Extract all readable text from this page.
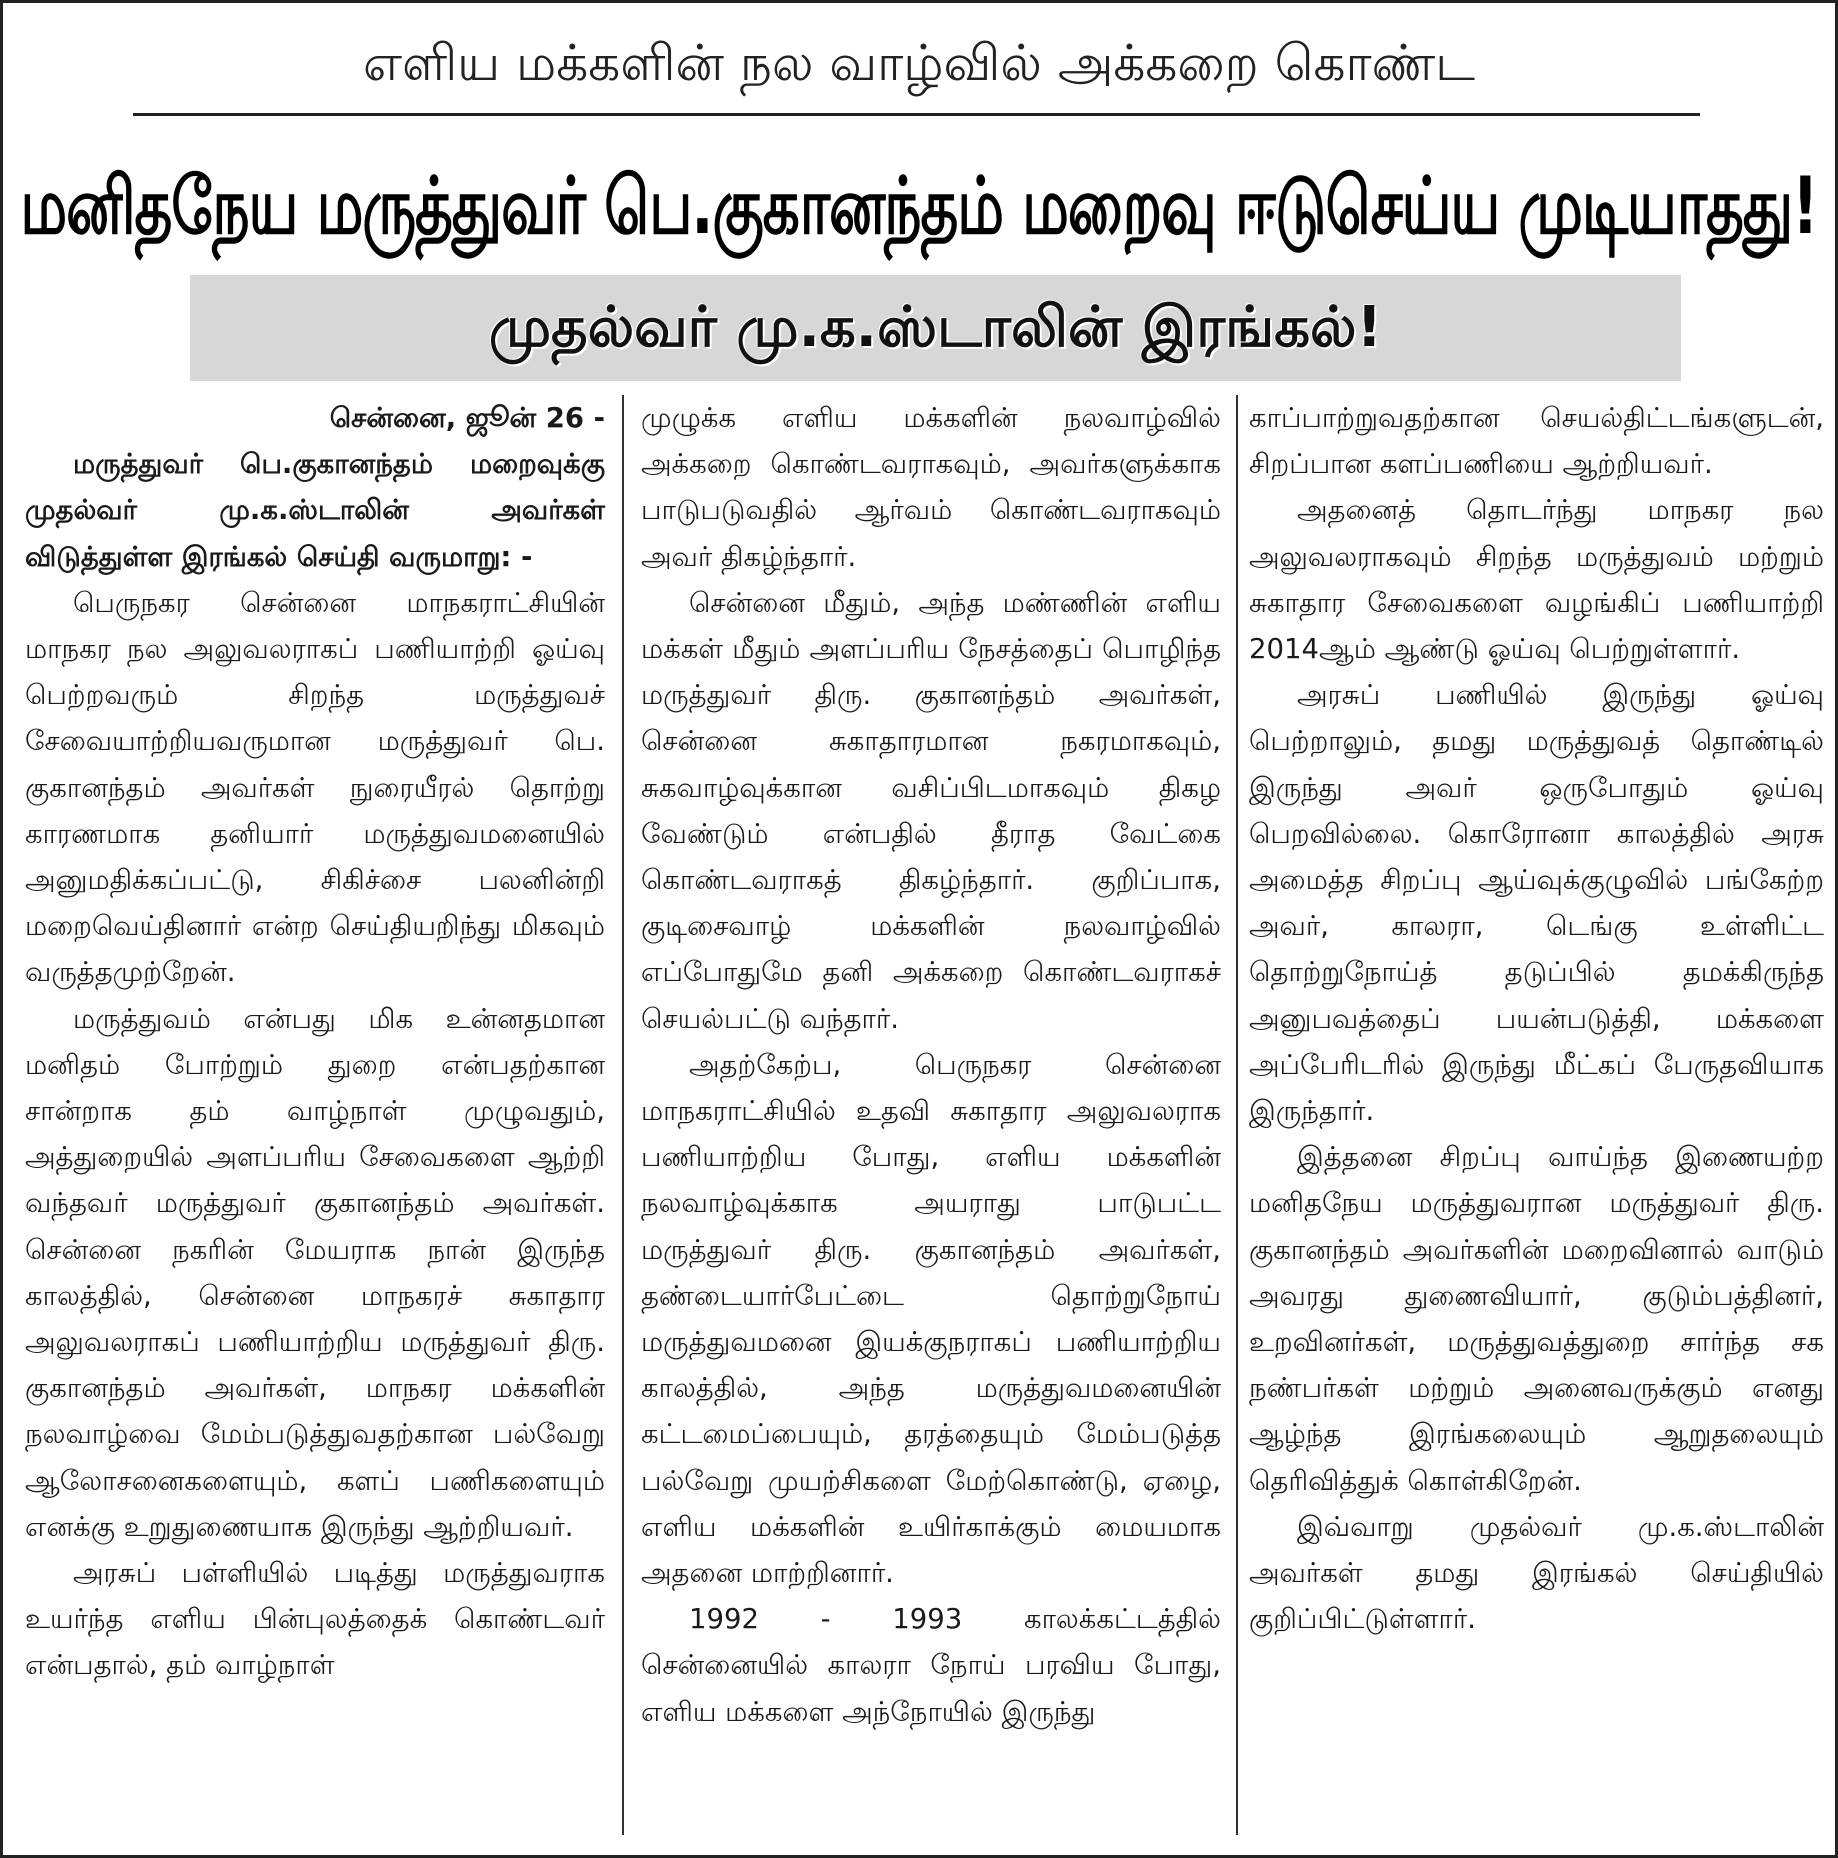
எளிய மக்களின் நல வாழ்வில் அக்கறை கொண்ட
மனிதநேய மருத்துவர் பெ.குகானந்தம் மறைவு ஈடுசெய்ய முடியாதது!
முதல்வர் மு.க.ஸ்டாலின் இரங்கல்!

சென்னை, ஜூன் 26 -

மருத்துவர் பெ.குகானந்தம் மறைவுக்கு முதல்வர் மு.க.ஸ்டாலின் அவர்கள் விடுத்துள்ள இரங்கல் செய்தி வருமாறு: -

பெருநகர சென்னை மாநகராட்சியின் மாநகர நல அலுவலராகப் பணியாற்றி ஓய்வு பெற்றவரும் சிறந்த மருத்துவச் சேவையாற்றியவருமான மருத்துவர் பெ. குகானந்தம் அவர்கள் நுரையீரல் தொற்று காரணமாக தனியார் மருத்துவமனையில் அனுமதிக்கப்பட்டு, சிகிச்சை பலனின்றி மறைவெய்தினார் என்ற செய்தியறிந்து மிகவும் வருத்தமுற்றேன்.

மருத்துவம் என்பது மிக உன்னதமான மனிதம் போற்றும் துறை என்பதற்கான சான்றாக தம் வாழ்நாள் முழுவதும், அத்துறையில் அளப்பரிய சேவைகளை ஆற்றி வந்தவர் மருத்துவர் குகானந்தம் அவர்கள். சென்னை நகரின் மேயராக நான் இருந்த காலத்தில், சென்னை மாநகரச் சுகாதார அலுவலராகப் பணியாற்றிய மருத்துவர் திரு. குகானந்தம் அவர்கள், மாநகர மக்களின் நலவாழ்வை மேம்படுத்துவதற்கான பல்வேறு ஆலோசனைகளையும், களப் பணிகளையும் எனக்கு உறுதுணையாக இருந்து ஆற்றியவர்.

அரசுப் பள்ளியில் படித்து மருத்துவராக உயர்ந்த எளிய பின்புலத்தைக் கொண்டவர் என்பதால், தம் வாழ்நாள்

முழுக்க எளிய மக்களின் நலவாழ்வில் அக்கறை கொண்டவராகவும், அவர்களுக்காக பாடுபடுவதில் ஆர்வம் கொண்டவராகவும் அவர் திகழ்ந்தார்.

சென்னை மீதும், அந்த மண்ணின் எளிய மக்கள் மீதும் அளப்பரிய நேசத்தைப் பொழிந்த மருத்துவர் திரு. குகானந்தம் அவர்கள், சென்னை சுகாதாரமான நகரமாகவும், சுகவாழ்வுக்கான வசிப்பிடமாகவும் திகழ வேண்டும் என்பதில் தீராத வேட்கை கொண்டவராகத் திகழ்ந்தார். குறிப்பாக, குடிசைவாழ் மக்களின் நலவாழ்வில் எப்போதுமே தனி அக்கறை கொண்டவராகச் செயல்பட்டு வந்தார்.

அதற்கேற்ப, பெருநகர சென்னை மாநகராட்சியில் உதவி சுகாதார அலுவலராக பணியாற்றிய போது, எளிய மக்களின் நலவாழ்வுக்காக அயராது பாடுபட்ட மருத்துவர் திரு. குகானந்தம் அவர்கள், தண்டையார்பேட்டை தொற்றுநோய் மருத்துவமனை இயக்குநராகப் பணியாற்றிய காலத்தில், அந்த மருத்துவமனையின் கட்டமைப்பையும், தரத்தையும் மேம்படுத்த பல்வேறு முயற்சிகளை மேற்கொண்டு, ஏழை, எளிய மக்களின் உயிர்காக்கும் மையமாக அதனை மாற்றினார்.

1992 - 1993 காலக்கட்டத்தில் சென்னையில் காலரா நோய் பரவிய போது, எளிய மக்களை அந்நோயில் இருந்து

காப்பாற்றுவதற்கான செயல்திட்டங்களுடன், சிறப்பான களப்பணியை ஆற்றியவர்.

அதனைத் தொடர்ந்து மாநகர நல அலுவலராகவும் சிறந்த மருத்துவம் மற்றும் சுகாதார சேவைகளை வழங்கிப் பணியாற்றி 2014ஆம் ஆண்டு ஓய்வு பெற்றுள்ளார்.

அரசுப் பணியில் இருந்து ஓய்வு பெற்றாலும், தமது மருத்துவத் தொண்டில் இருந்து அவர் ஒருபோதும் ஓய்வு பெறவில்லை. கொரோனா காலத்தில் அரசு அமைத்த சிறப்பு ஆய்வுக்குழுவில் பங்கேற்ற அவர், காலரா, டெங்கு உள்ளிட்ட தொற்றுநோய்த் தடுப்பில் தமக்கிருந்த அனுபவத்தைப் பயன்படுத்தி, மக்களை அப்பேரிடரில் இருந்து மீட்கப் பேருதவியாக இருந்தார்.

இத்தனை சிறப்பு வாய்ந்த இணையற்ற மனிதநேய மருத்துவரான மருத்துவர் திரு. குகானந்தம் அவர்களின் மறைவினால் வாடும் அவரது துணைவியார், குடும்பத்தினர், உறவினர்கள், மருத்துவத்துறை சார்ந்த சக நண்பர்கள் மற்றும் அனைவருக்கும் எனது ஆழ்ந்த இரங்கலையும் ஆறுதலையும் தெரிவித்துக் கொள்கிறேன்.

இவ்வாறு முதல்வர் மு.க.ஸ்டாலின் அவர்கள் தமது இரங்கல் செய்தியில் குறிப்பிட்டுள்ளார்.
